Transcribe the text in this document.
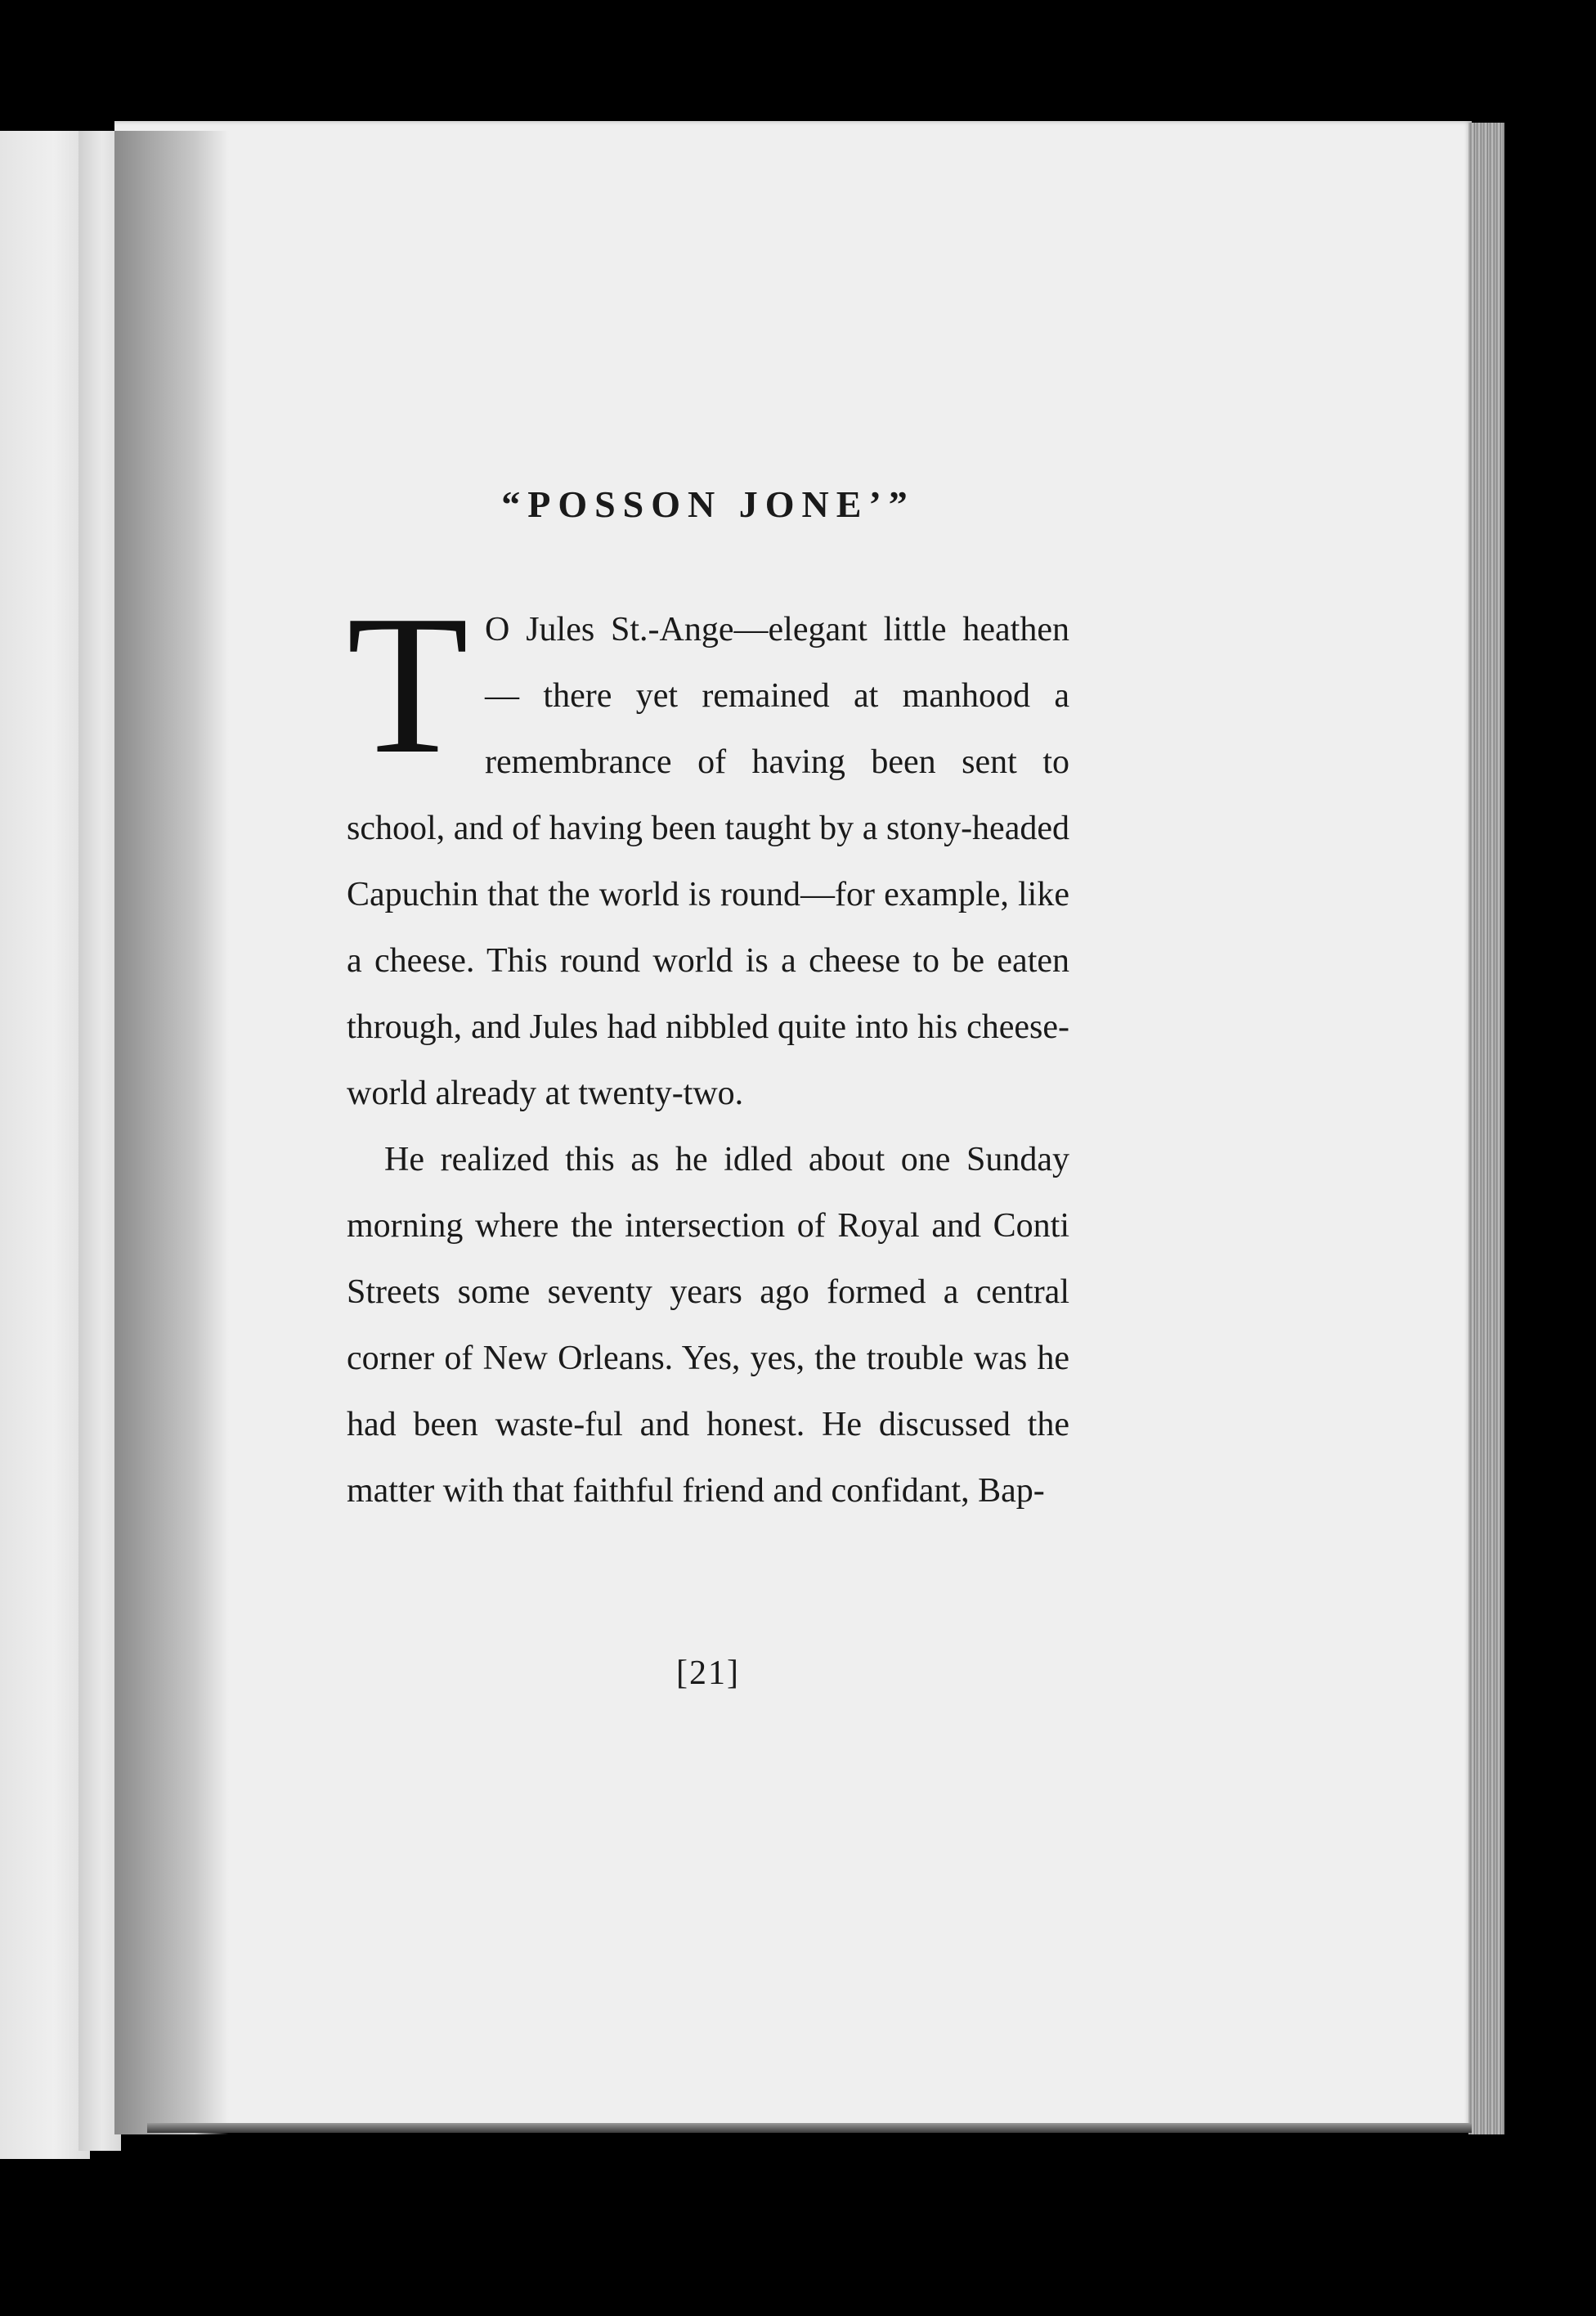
“POSSON JONE’”

T O Jules St.-Ange—elegant little heathen — there yet remained at manhood a remembrance of having been sent to school, and of having been taught by a stony-headed Capuchin that the world is round—for example, like a cheese. This round world is a cheese to be eaten through, and Jules had nibbled quite into his cheese-world already at twenty-two.

He realized this as he idled about one Sunday morning where the intersection of Royal and Conti Streets some seventy years ago formed a central corner of New Orleans. Yes, yes, the trouble was he had been waste-ful and honest. He discussed the matter with that faithful friend and confidant, Bap-

[21]
